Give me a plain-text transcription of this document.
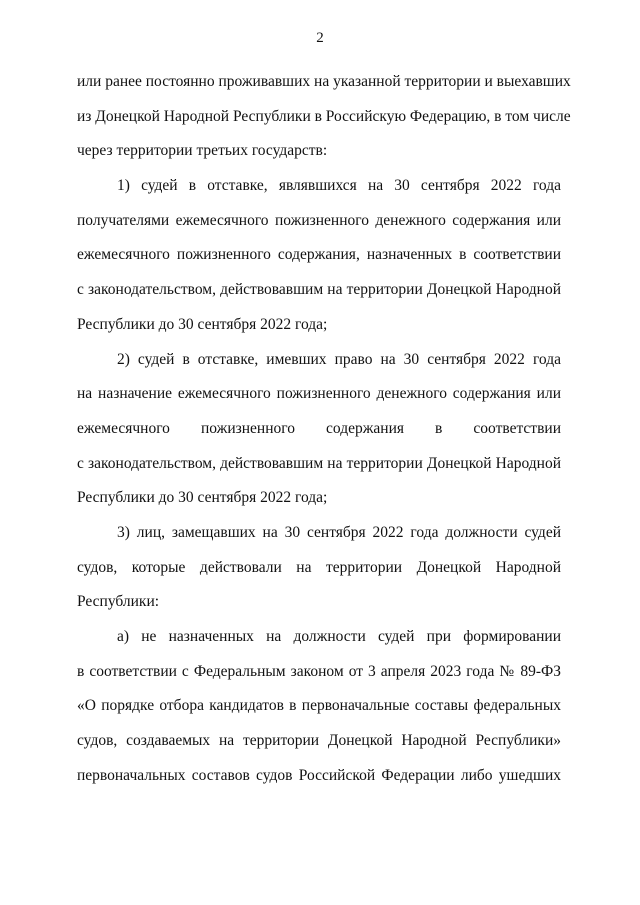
2
или ранее постоянно проживавших на указанной территории и выехавших
из Донецкой Народной Республики в Российскую Федерацию, в том числе
через территории третьих государств:
1) судей в отставке, являвшихся на 30 сентября 2022 года
получателями ежемесячного пожизненного денежного содержания или
ежемесячного пожизненного содержания, назначенных в соответствии
с законодательством, действовавшим на территории Донецкой Народной
Республики до 30 сентября 2022 года;
2) судей в отставке, имевших право на 30 сентября 2022 года
на назначение ежемесячного пожизненного денежного содержания или
ежемесячного пожизненного содержания в соответствии
с законодательством, действовавшим на территории Донецкой Народной
Республики до 30 сентября 2022 года;
3) лиц, замещавших на 30 сентября 2022 года должности судей
судов, которые действовали на территории Донецкой Народной
Республики:
а) не назначенных на должности судей при формировании
в соответствии с Федеральным законом от 3 апреля 2023 года № 89-ФЗ
«О порядке отбора кандидатов в первоначальные составы федеральных
судов, создаваемых на территории Донецкой Народной Республики»
первоначальных составов судов Российской Федерации либо ушедших
